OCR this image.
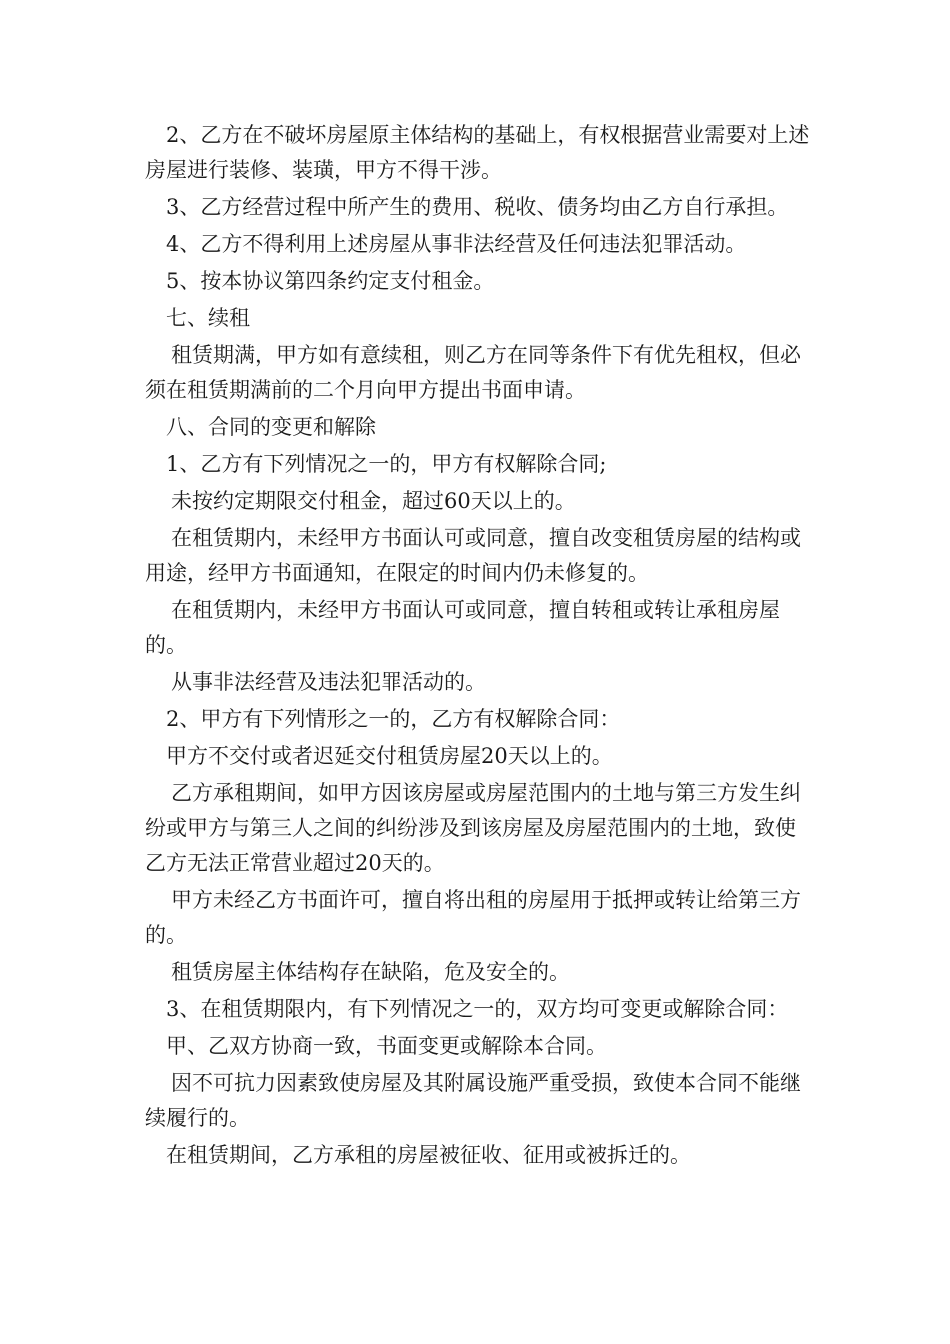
2、乙方在不破坏房屋原主体结构的基础上，有权根据营业需要对上述房屋进行装修、装璜，甲方不得干涉。

3、乙方经营过程中所产生的费用、税收、债务均由乙方自行承担。

4、乙方不得利用上述房屋从事非法经营及任何违法犯罪活动。

5、按本协议第四条约定支付租金。

七、续租

租赁期满，甲方如有意续租，则乙方在同等条件下有优先租权，但必须在租赁期满前的二个月向甲方提出书面申请。

八、合同的变更和解除

1、乙方有下列情况之一的，甲方有权解除合同;

未按约定期限交付租金，超过60天以上的。

在租赁期内，未经甲方书面认可或同意，擅自改变租赁房屋的结构或用途，经甲方书面通知，在限定的时间内仍未修复的。

在租赁期内，未经甲方书面认可或同意，擅自转租或转让承租房屋的。

从事非法经营及违法犯罪活动的。

2、甲方有下列情形之一的，乙方有权解除合同：

甲方不交付或者迟延交付租赁房屋20天以上的。

乙方承租期间，如甲方因该房屋或房屋范围内的土地与第三方发生纠纷或甲方与第三人之间的纠纷涉及到该房屋及房屋范围内的土地，致使乙方无法正常营业超过20天的。

甲方未经乙方书面许可，擅自将出租的房屋用于抵押或转让给第三方的。

租赁房屋主体结构存在缺陷，危及安全的。

3、在租赁期限内，有下列情况之一的，双方均可变更或解除合同：

甲、乙双方协商一致，书面变更或解除本合同。

因不可抗力因素致使房屋及其附属设施严重受损，致使本合同不能继续履行的。

在租赁期间，乙方承租的房屋被征收、征用或被拆迁的。
